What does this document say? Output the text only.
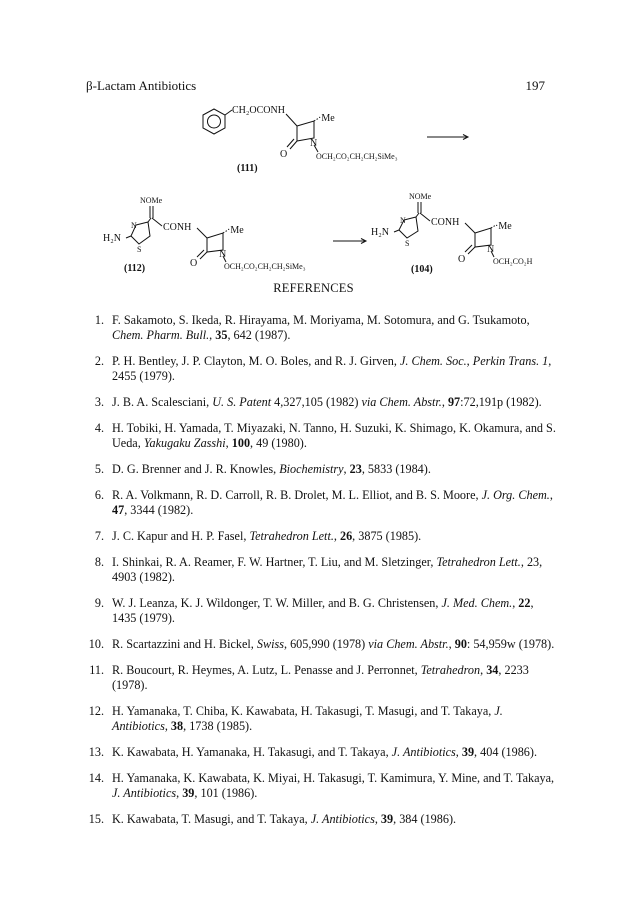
β-Lactam Antibiotics	197
CH₂OCONH
·Me
N
O	OCH₂CO₂CH₂CH₂SiMe₃
(111)
NOMe
N
S
H₂N
CONH	·Me
N
O	OCH₂CO₂CH₂CH₂SiMe₃
(112)
NOMe
N
S
H₂N
CONH	·Me
N
O	OCH₂CO₂H
(104)
REFERENCES
1. F. Sakamoto, S. Ikeda, R. Hirayama, M. Moriyama, M. Sotomura, and G. Tsukamoto, Chem. Pharm. Bull., 35, 642 (1987).
2. P. H. Bentley, J. P. Clayton, M. O. Boles, and R. J. Girven, J. Chem. Soc., Perkin Trans. 1, 2455 (1979).
3. J. B. A. Scalesciani, U. S. Patent 4,327,105 (1982) via Chem. Abstr., 97:72,191p (1982).
4. H. Tobiki, H. Yamada, T. Miyazaki, N. Tanno, H. Suzuki, K. Shimago, K. Okamura, and S. Ueda, Yakugaku Zasshi, 100, 49 (1980).
5. D. G. Brenner and J. R. Knowles, Biochemistry, 23, 5833 (1984).
6. R. A. Volkmann, R. D. Carroll, R. B. Drolet, M. L. Elliot, and B. S. Moore, J. Org. Chem., 47, 3344 (1982).
7. J. C. Kapur and H. P. Fasel, Tetrahedron Lett., 26, 3875 (1985).
8. I. Shinkai, R. A. Reamer, F. W. Hartner, T. Liu, and M. Sletzinger, Tetrahedron Lett., 23, 4903 (1982).
9. W. J. Leanza, K. J. Wildonger, T. W. Miller, and B. G. Christensen, J. Med. Chem., 22, 1435 (1979).
10. R. Scartazzini and H. Bickel, Swiss, 605,990 (1978) via Chem. Abstr., 90: 54,959w (1978).
11. R. Boucourt, R. Heymes, A. Lutz, L. Penasse and J. Perronnet, Tetrahedron, 34, 2233 (1978).
12. H. Yamanaka, T. Chiba, K. Kawabata, H. Takasugi, T. Masugi, and T. Takaya, J. Antibiotics, 38, 1738 (1985).
13. K. Kawabata, H. Yamanaka, H. Takasugi, and T. Takaya, J. Antibiotics, 39, 404 (1986).
14. H. Yamanaka, K. Kawabata, K. Miyai, H. Takasugi, T. Kamimura, Y. Mine, and T. Takaya, J. Antibiotics, 39, 101 (1986).
15. K. Kawabata, T. Masugi, and T. Takaya, J. Antibiotics, 39, 384 (1986).
